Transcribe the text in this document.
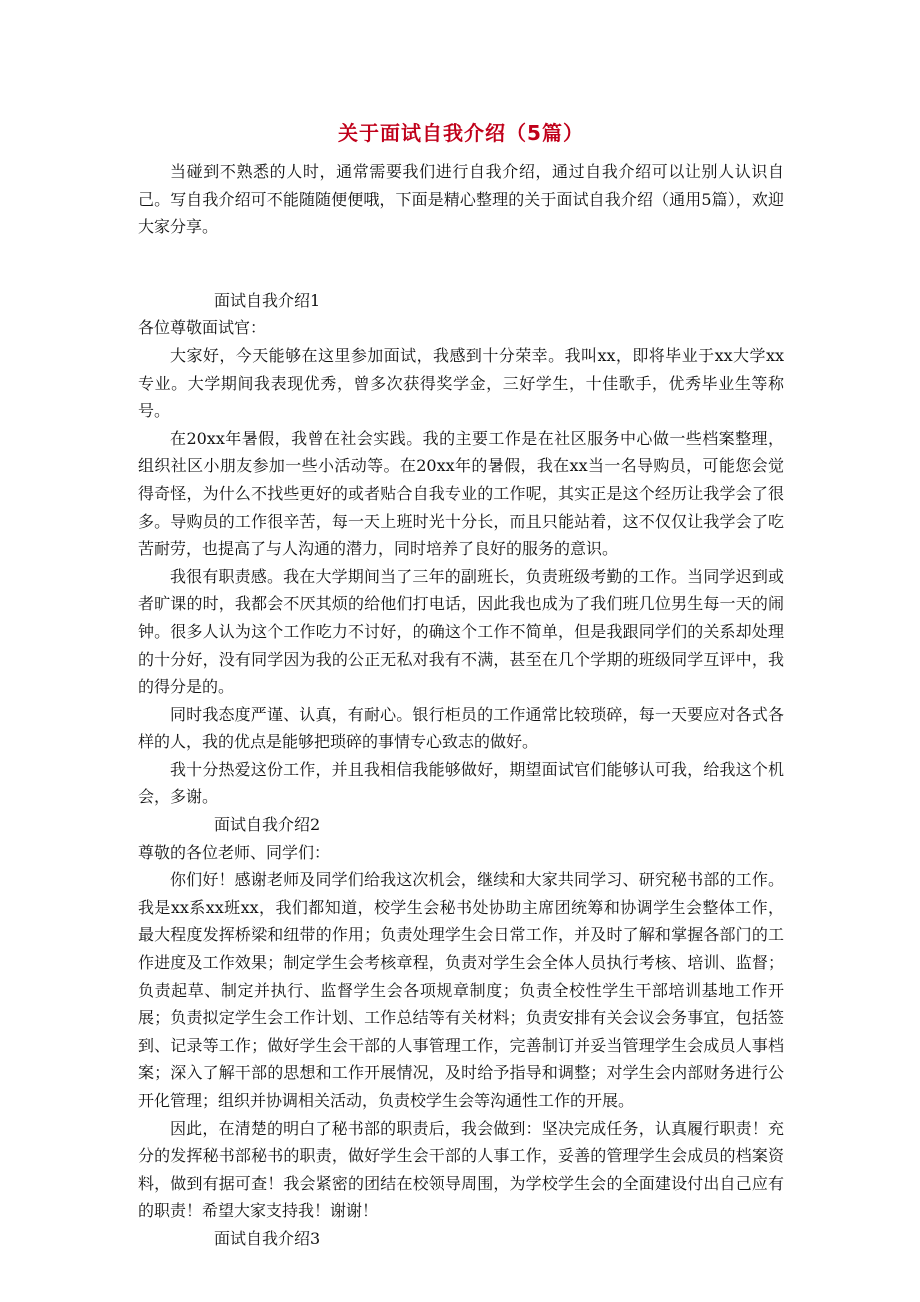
关于面试自我介绍（5篇）

当碰到不熟悉的人时，通常需要我们进行自我介绍，通过自我介绍可以让别人认识自己。写自我介绍可不能随随便便哦，下面是精心整理的关于面试自我介绍（通用5篇），欢迎大家分享。

面试自我介绍1

各位尊敬面试官：

大家好，今天能够在这里参加面试，我感到十分荣幸。我叫xx，即将毕业于xx大学xx专业。大学期间我表现优秀，曾多次获得奖学金，三好学生，十佳歌手，优秀毕业生等称号。

在20xx年暑假，我曾在社会实践。我的主要工作是在社区服务中心做一些档案整理，组织社区小朋友参加一些小活动等。在20xx年的暑假，我在xx当一名导购员，可能您会觉得奇怪，为什么不找些更好的或者贴合自我专业的工作呢，其实正是这个经历让我学会了很多。导购员的工作很辛苦，每一天上班时光十分长，而且只能站着，这不仅仅让我学会了吃苦耐劳，也提高了与人沟通的潜力，同时培养了良好的服务的意识。

我很有职责感。我在大学期间当了三年的副班长，负责班级考勤的工作。当同学迟到或者旷课的时，我都会不厌其烦的给他们打电话，因此我也成为了我们班几位男生每一天的闹钟。很多人认为这个工作吃力不讨好，的确这个工作不简单，但是我跟同学们的关系却处理的十分好，没有同学因为我的公正无私对我有不满，甚至在几个学期的班级同学互评中，我的得分是的。

同时我态度严谨、认真，有耐心。银行柜员的工作通常比较琐碎，每一天要应对各式各样的人，我的优点是能够把琐碎的事情专心致志的做好。

我十分热爱这份工作，并且我相信我能够做好，期望面试官们能够认可我，给我这个机会，多谢。

面试自我介绍2

尊敬的各位老师、同学们：

你们好！感谢老师及同学们给我这次机会，继续和大家共同学习、研究秘书部的工作。我是xx系xx班xx，我们都知道，校学生会秘书处协助主席团统筹和协调学生会整体工作，最大程度发挥桥梁和纽带的作用；负责处理学生会日常工作，并及时了解和掌握各部门的工作进度及工作效果；制定学生会考核章程，负责对学生会全体人员执行考核、培训、监督；负责起草、制定并执行、监督学生会各项规章制度；负责全校性学生干部培训基地工作开展；负责拟定学生会工作计划、工作总结等有关材料；负责安排有关会议会务事宜，包括签到、记录等工作；做好学生会干部的人事管理工作，完善制订并妥当管理学生会成员人事档案；深入了解干部的思想和工作开展情况，及时给予指导和调整；对学生会内部财务进行公开化管理；组织并协调相关活动，负责校学生会等沟通性工作的开展。

因此，在清楚的明白了秘书部的职责后，我会做到：坚决完成任务，认真履行职责！充分的发挥秘书部秘书的职责，做好学生会干部的人事工作，妥善的管理学生会成员的档案资料，做到有据可查！我会紧密的团结在校领导周围，为学校学生会的全面建设付出自己应有的职责！希望大家支持我！谢谢！

面试自我介绍3
